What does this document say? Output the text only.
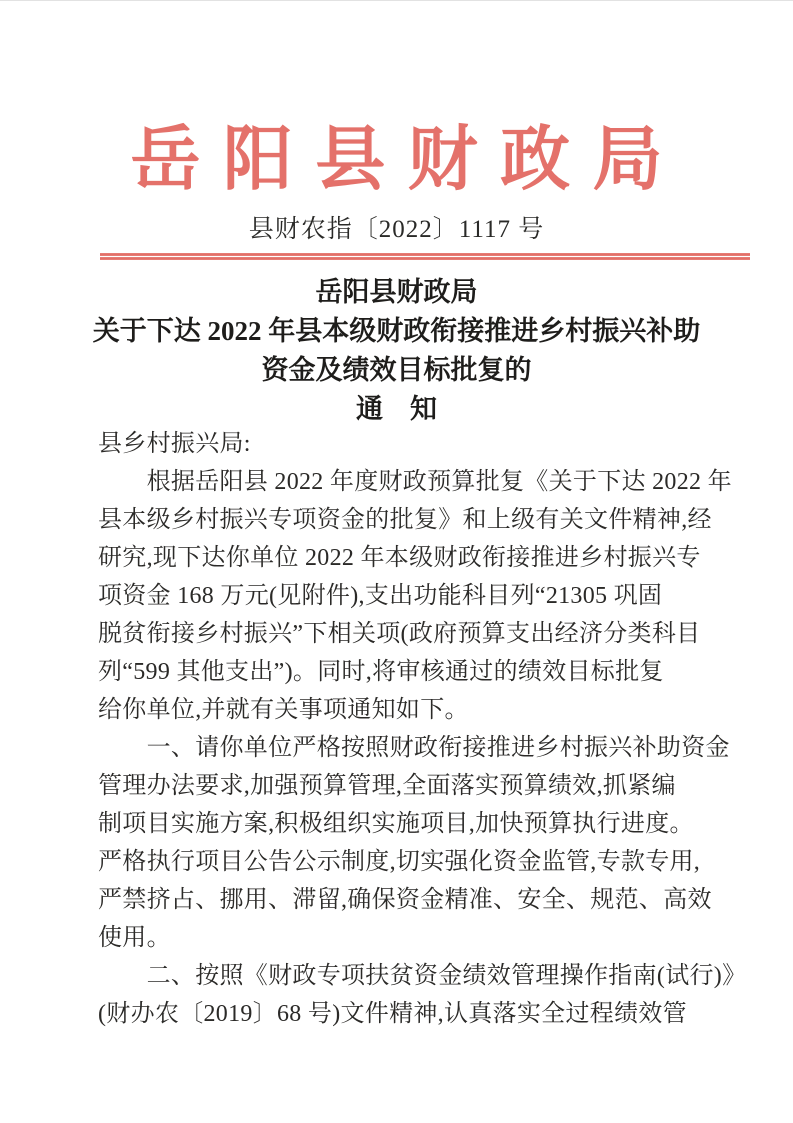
岳阳县财政局
县财农指〔2022〕1117 号
岳阳县财政局
关于下达 2022 年县本级财政衔接推进乡村振兴补助
资金及绩效目标批复的
通　知
县乡村振兴局:
　　根据岳阳县 2022 年度财政预算批复《关于下达 2022 年
县本级乡村振兴专项资金的批复》和上级有关文件精神,经
研究,现下达你单位 2022 年本级财政衔接推进乡村振兴专
项资金 168 万元(见附件),支出功能科目列“21305 巩固
脱贫衔接乡村振兴”下相关项(政府预算支出经济分类科目
列“599 其他支出”)。同时,将审核通过的绩效目标批复
给你单位,并就有关事项通知如下。
　　一、请你单位严格按照财政衔接推进乡村振兴补助资金
管理办法要求,加强预算管理,全面落实预算绩效,抓紧编
制项目实施方案,积极组织实施项目,加快预算执行进度。
严格执行项目公告公示制度,切实强化资金监管,专款专用,
严禁挤占、挪用、滞留,确保资金精准、安全、规范、高效
使用。
　　二、按照《财政专项扶贫资金绩效管理操作指南(试行)》
(财办农〔2019〕68 号)文件精神,认真落实全过程绩效管
